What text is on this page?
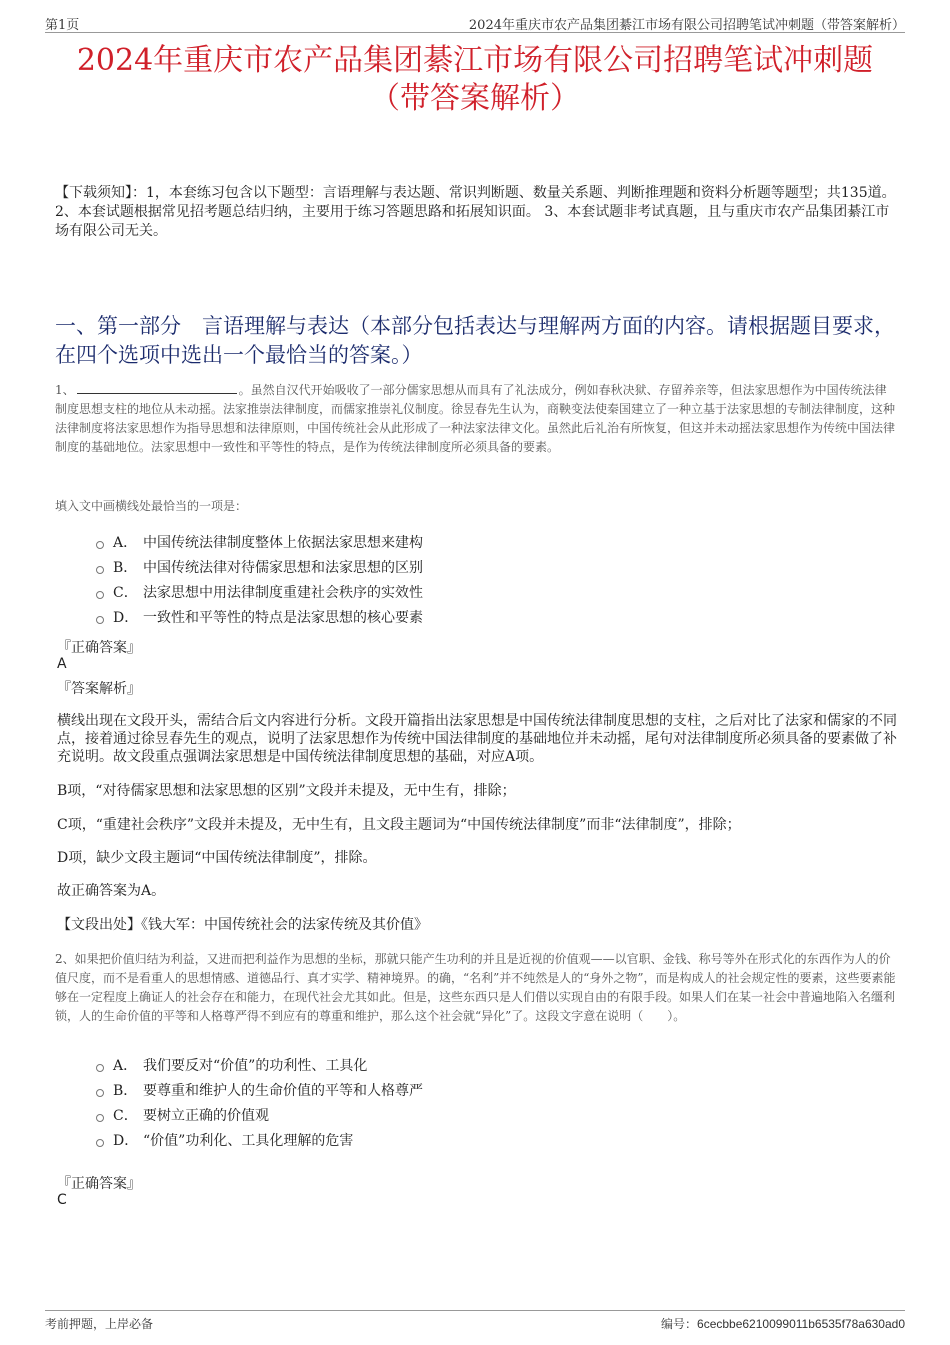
第1页	2024年重庆市农产品集团綦江市场有限公司招聘笔试冲刺题（带答案解析）
2024年重庆市农产品集团綦江市场有限公司招聘笔试冲刺题
（带答案解析）
【下载须知】：1，本套练习包含以下题型：言语理解与表达题、常识判断题、数量关系题、判断推理题和资料分析题等题型；共135道。 2、本套试题根据常见招考题总结归纳，主要用于练习答题思路和拓展知识面。 3、本套试题非考试真题，且与重庆市农产品集团綦江市场有限公司无关。
一、第一部分　言语理解与表达（本部分包括表达与理解两方面的内容。请根据题目要求，在四个选项中选出一个最恰当的答案。）
1、	。虽然自汉代开始吸收了一部分儒家思想从而具有了礼法成分，例如春秋决狱、存留养亲等，但法家思想作为中国传统法律制度思想支柱的地位从未动摇。法家推崇法律制度，而儒家推崇礼仪制度。徐昱春先生认为，商鞅变法使秦国建立了一种立基于法家思想的专制法律制度，这种法律制度将法家思想作为指导思想和法律原则，中国传统社会从此形成了一种法家法律文化。虽然此后礼治有所恢复，但这并未动摇法家思想作为传统中国法律制度的基础地位。法家思想中一致性和平等性的特点，是作为传统法律制度所必须具备的要素。
填入文中画横线处最恰当的一项是：
A． 中国传统法律制度整体上依据法家思想来建构
B． 中国传统法律对待儒家思想和法家思想的区别
C． 法家思想中用法律制度重建社会秩序的实效性
D． 一致性和平等性的特点是法家思想的核心要素
『正确答案』
A
『答案解析』
横线出现在文段开头，需结合后文内容进行分析。文段开篇指出法家思想是中国传统法律制度思想的支柱，之后对比了法家和儒家的不同点，接着通过徐昱春先生的观点，说明了法家思想作为传统中国法律制度的基础地位并未动摇，尾句对法律制度所必须具备的要素做了补充说明。故文段重点强调法家思想是中国传统法律制度思想的基础，对应A项。
B项，“对待儒家思想和法家思想的区别”文段并未提及，无中生有，排除；
C项，“重建社会秩序”文段并未提及，无中生有，且文段主题词为“中国传统法律制度”而非“法律制度”，排除；
D项，缺少文段主题词“中国传统法律制度”，排除。
故正确答案为A。
【文段出处】《钱大军：中国传统社会的法家传统及其价值》
2、如果把价值归结为利益，又进而把利益作为思想的坐标，那就只能产生功利的并且是近视的价值观——以官职、金钱、称号等外在形式化的东西作为人的价值尺度，而不是看重人的思想情感、道德品行、真才实学、精神境界。的确，“名利”并不纯然是人的“身外之物”，而是构成人的社会规定性的要素，这些要素能够在一定程度上确证人的社会存在和能力，在现代社会尤其如此。但是，这些东西只是人们借以实现自由的有限手段。如果人们在某一社会中普遍地陷入名缰利锁，人的生命价值的平等和人格尊严得不到应有的尊重和维护，那么这个社会就“异化”了。这段文字意在说明（　　）。
A． 我们要反对“价值”的功利性、工具化
B． 要尊重和维护人的生命价值的平等和人格尊严
C． 要树立正确的价值观
D． “价值”功利化、工具化理解的危害
『正确答案』
C
考前押题，上岸必备	编号：6cecbbe6210099011b6535f78a630ad0
